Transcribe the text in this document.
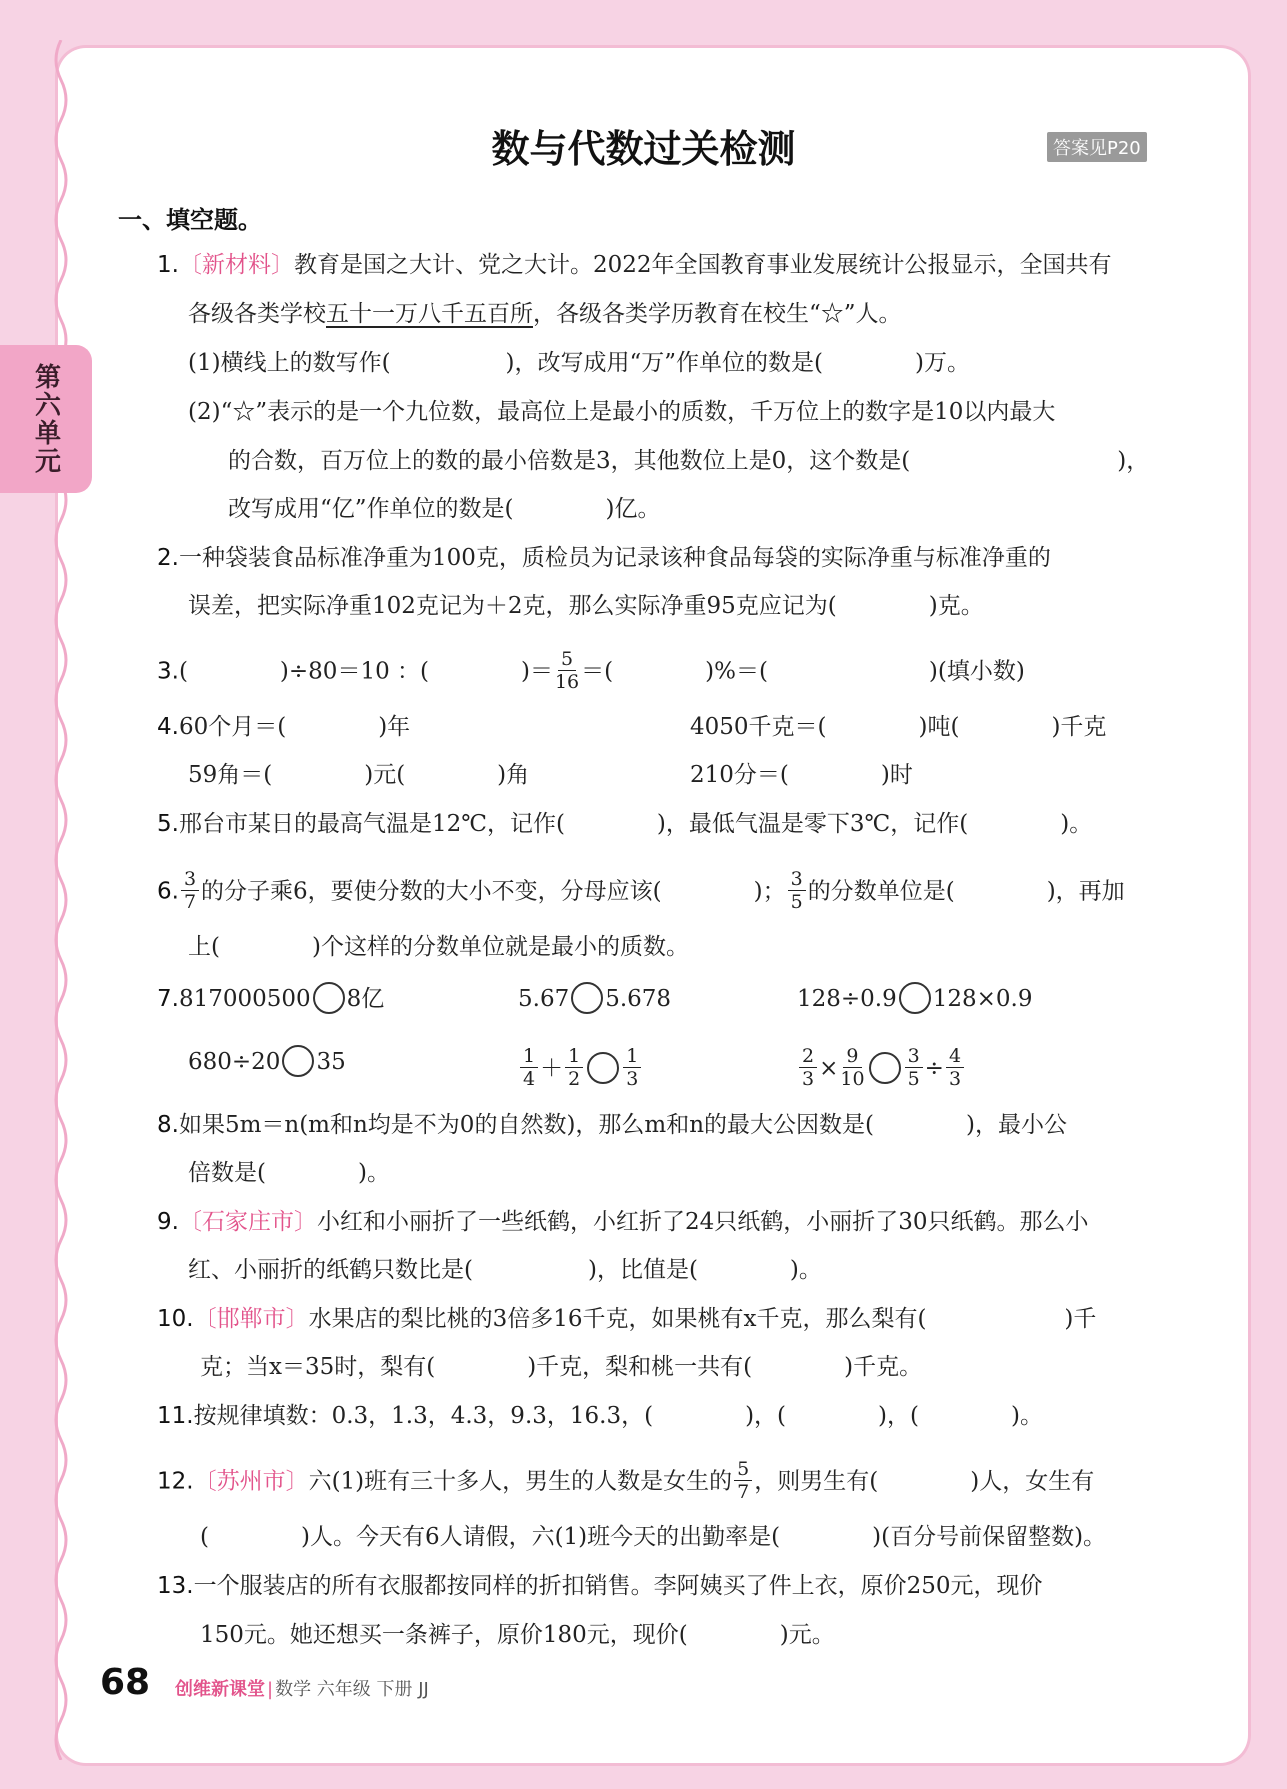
第六单元
数与代数过关检测	答案见P20
一、填空题。
1.〔新材料〕教育是国之大计、党之大计。2022年全国教育事业发展统计公报显示，全国共有
各级各类学校五十一万八千五百所，各级各类学历教育在校生“☆”人。
(1)横线上的数写作(　　　　　)，改写成用“万”作单位的数是(　　　　)万。
(2)“☆”表示的是一个九位数，最高位上是最小的质数，千万位上的数字是10以内最大
的合数，百万位上的数的最小倍数是3，其他数位上是0，这个数是(　　　　　　　　　)，
改写成用“亿”作单位的数是(　　　　)亿。
2.一种袋装食品标准净重为100克，质检员为记录该种食品每袋的实际净重与标准净重的
误差，把实际净重102克记为＋2克，那么实际净重95克应记为(　　　　)克。
3.(　　　　)÷80＝10 ：(　　　　)＝ $\frac{5}{16}$ ＝(　　　　)%＝(　　　　　　　)(填小数)
4.60个月＝(　　　　)年	4050千克＝(　　　　)吨(　　　　)千克
59角＝(　　　　)元(　　　　)角	210分＝(　　　　)时
5.邢台市某日的最高气温是12℃，记作(　　　　)，最低气温是零下3℃，记作(　　　　)。
6. $\frac{3}{7}$ 的分子乘6，要使分数的大小不变，分母应该(　　　　)； $\frac{3}{5}$ 的分数单位是(　　　　)，再加
上(　　　　)个这样的分数单位就是最小的质数。
7.817000500 8亿	5.67 5.678	128÷0.9 128×0.9
680÷20 35	$\frac{1}{4} + \frac{1}{2} \frac{1}{3}$	$\frac{2}{3} \times \frac{9}{10} \frac{3}{5} \div \frac{4}{3}$
8.如果5m＝n(m和n均是不为0的自然数)，那么m和n的最大公因数是(　　　　)，最小公
倍数是(　　　　)。
9.〔石家庄市〕小红和小丽折了一些纸鹤，小红折了24只纸鹤，小丽折了30只纸鹤。那么小
红、小丽折的纸鹤只数比是(　　　　　)，比值是(　　　　)。
10.〔邯郸市〕水果店的梨比桃的3倍多16千克，如果桃有x千克，那么梨有(　　　　　　)千
克；当x＝35时，梨有(　　　　)千克，梨和桃一共有(　　　　)千克。
11.按规律填数：0.3，1.3，4.3，9.3，16.3，(　　　　)，(　　　　)，(　　　　)。
12.〔苏州市〕六(1)班有三十多人，男生的人数是女生的 $\frac{5}{7}$ ，则男生有(　　　　)人，女生有
(　　　　)人。今天有6人请假，六(1)班今天的出勤率是(　　　　)(百分号前保留整数)。
13.一个服装店的所有衣服都按同样的折扣销售。李阿姨买了件上衣，原价250元，现价
150元。她还想买一条裤子，原价180元，现价(　　　　)元。
68 创维新课堂 | 数学 六年级 下册 JJ
